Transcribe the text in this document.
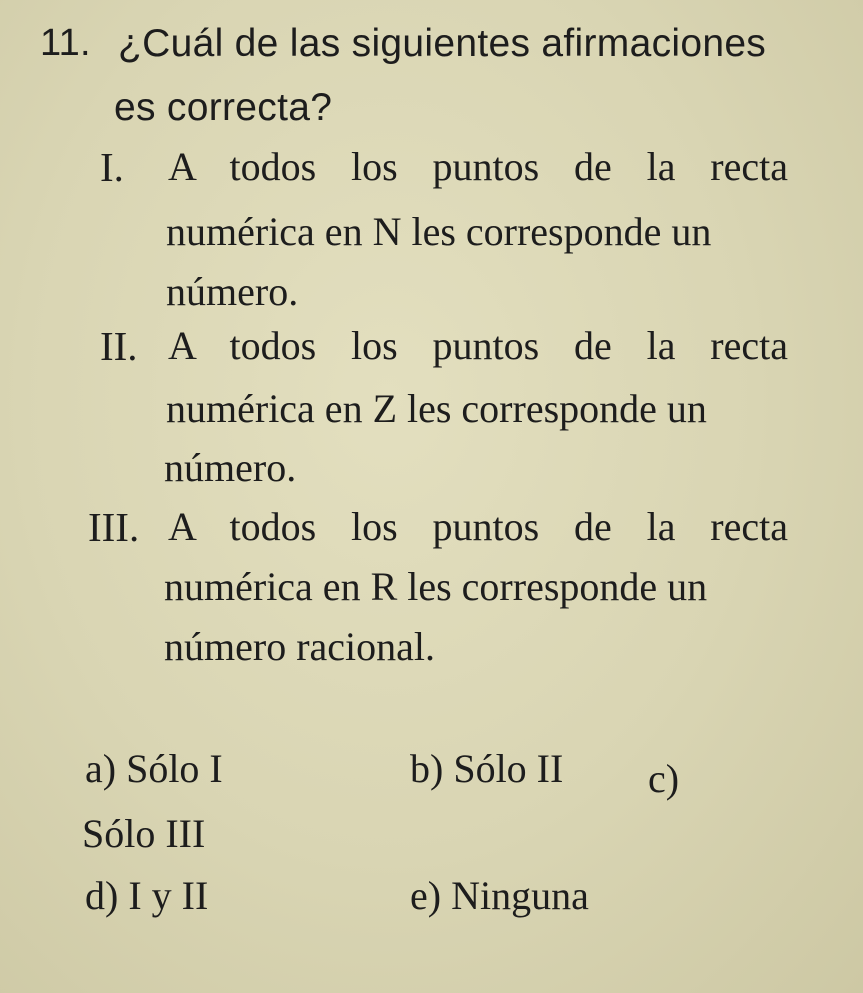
11. ¿Cuál de las siguientes afirmaciones
es correcta?
I. A todos los puntos de la recta
numérica en N les corresponde un
número.
II. A todos los puntos de la recta
numérica en Z les corresponde un
número.
III. A todos los puntos de la recta
numérica en R les corresponde un
número racional.
a) Sólo I	b) Sólo II c)
Sólo III
d) I y II	e) Ninguna
